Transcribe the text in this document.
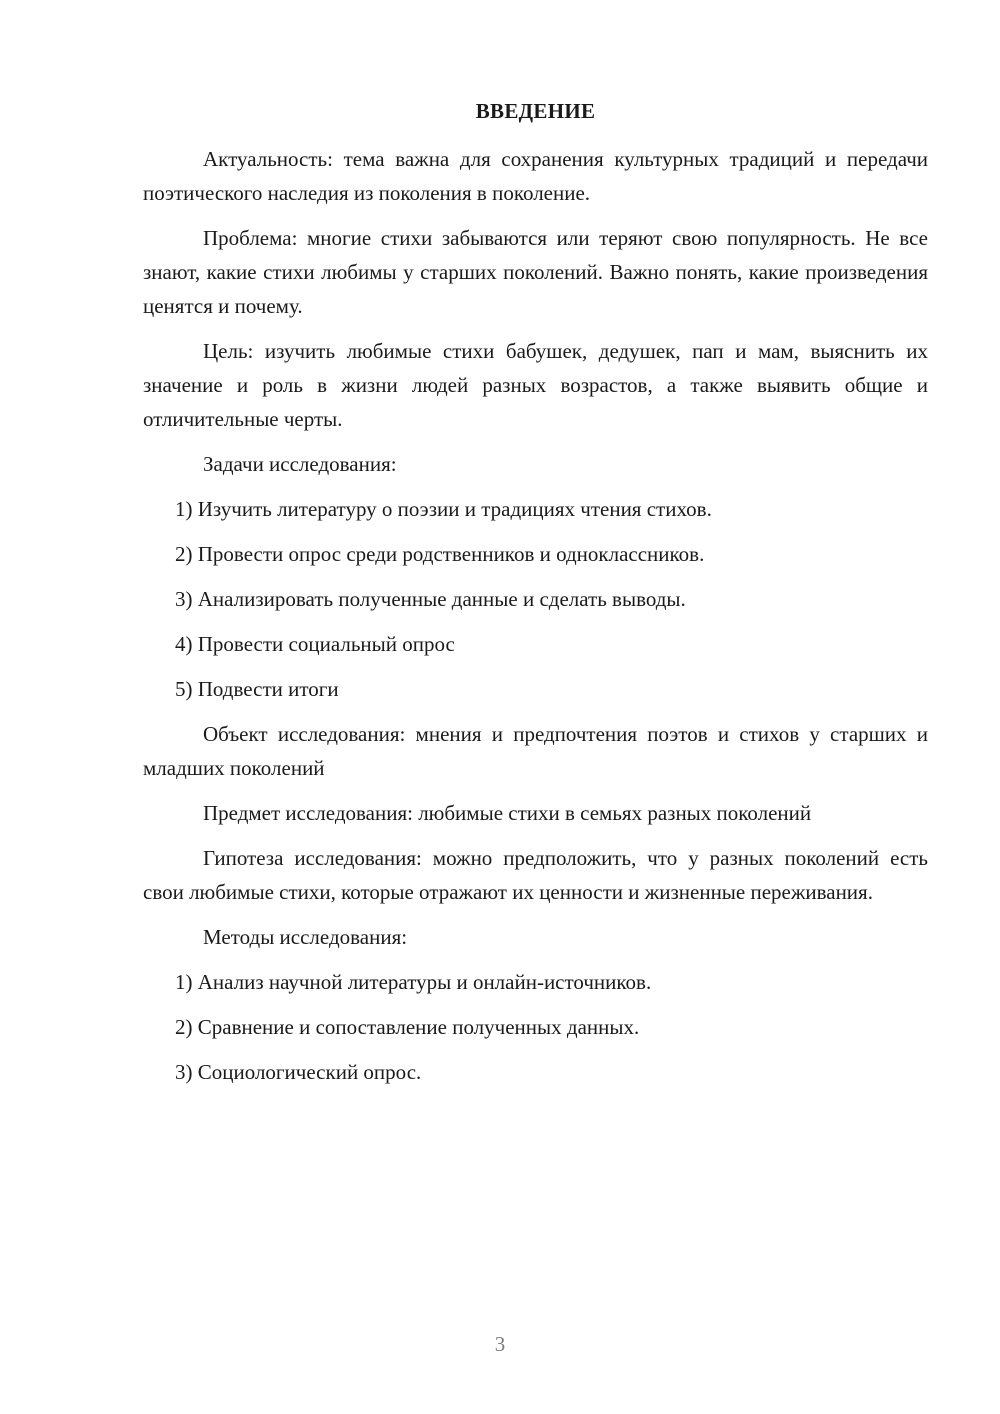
ВВЕДЕНИЕ

Актуальность: тема важна для сохранения культурных традиций и передачи поэтического наследия из поколения в поколение.

Проблема: многие стихи забываются или теряют свою популярность. Не все знают, какие стихи любимы у старших поколений. Важно понять, какие произведения ценятся и почему.

Цель: изучить любимые стихи бабушек, дедушек, пап и мам, выяснить их значение и роль в жизни людей разных возрастов, а также выявить общие и отличительные черты.

Задачи исследования:
1) Изучить литературу о поэзии и традициях чтения стихов.
2) Провести опрос среди родственников и одноклассников.
3) Анализировать полученные данные и сделать выводы.
4) Провести социальный опрос
5) Подвести итоги

Объект исследования: мнения и предпочтения поэтов и стихов у старших и младших поколений

Предмет исследования: любимые стихи в семьях разных поколений

Гипотеза исследования: можно предположить, что у разных поколений есть свои любимые стихи, которые отражают их ценности и жизненные переживания.

Методы исследования:
1) Анализ научной литературы и онлайн-источников.
2) Сравнение и сопоставление полученных данных.
3) Социологический опрос.
3
